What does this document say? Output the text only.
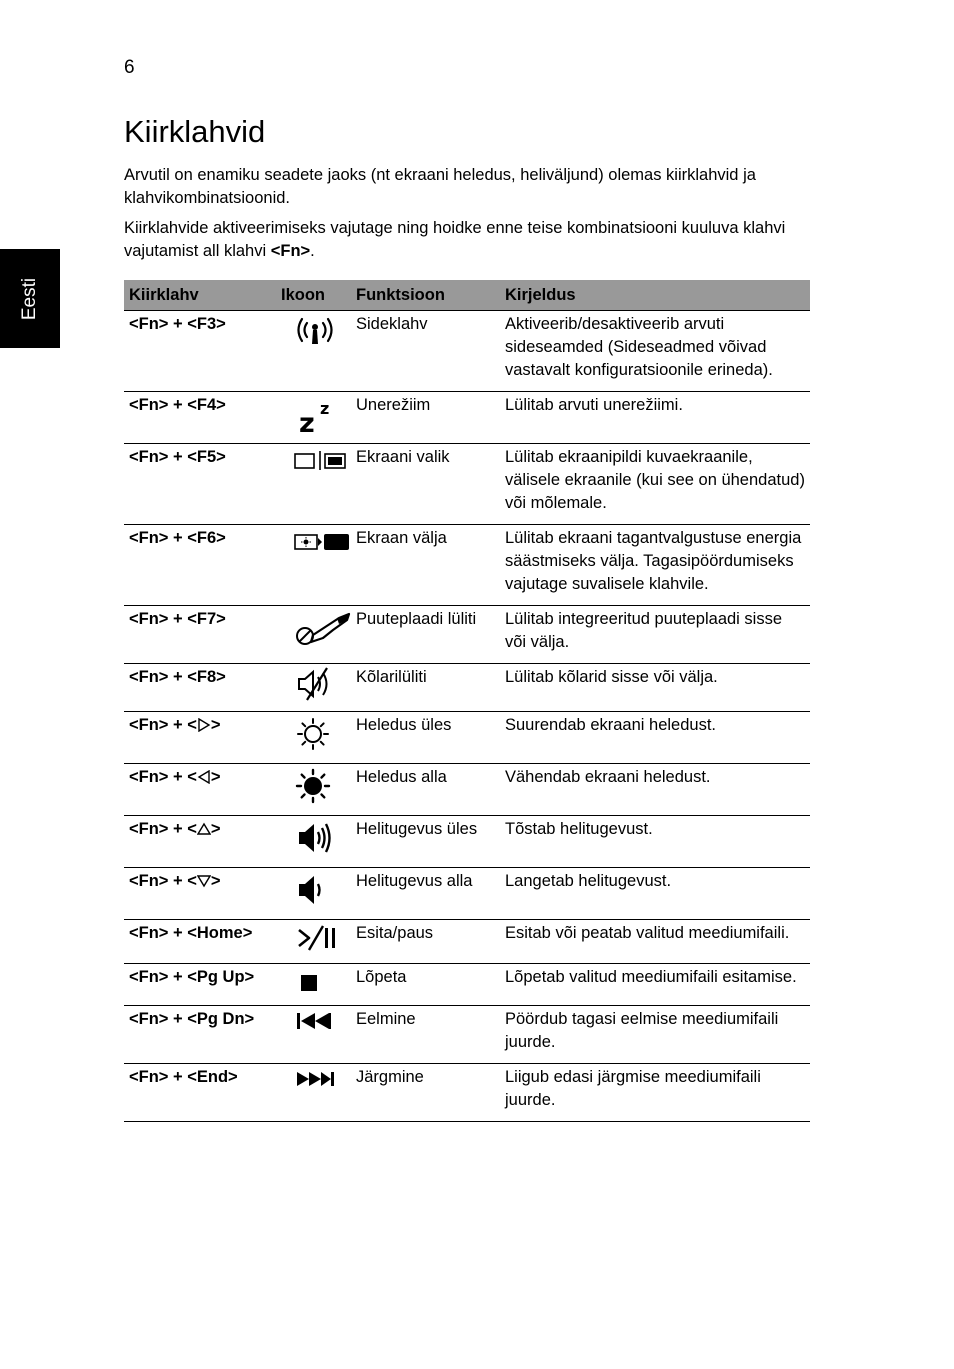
6
Eesti
Kiirklahvid

Arvutil on enamiku seadete jaoks (nt ekraani heledus, heliväljund) olemas kiirklahvid ja klahvikombinatsioonid.

Kiirklahvide aktiveerimiseks vajutage ning hoidke enne teise kombinatsiooni kuuluva klahvi vajutamist all klahvi <Fn>.

Kiirklahv	Ikoon	Funktsioon	Kirjeldus
<Fn> + <F3>		Sideklahv	Aktiveerib/desaktiveerib arvuti sideseamded (Sideseadmed võivad vastavalt konfiguratsioonile erineda).
<Fn> + <F4>	z z	Unerežiim	Lülitab arvuti unerežiimi.
<Fn> + <F5>		Ekraani valik	Lülitab ekraanipildi kuvaekraanile, välisele ekraanile (kui see on ühendatud) või mõlemale.
<Fn> + <F6>		Ekraan välja	Lülitab ekraani tagantvalgustuse energia säästmiseks välja. Tagasipöördumiseks vajutage suvalisele klahvile.
<Fn> + <F7>		Puuteplaadi lüliti	Lülitab integreeritud puuteplaadi sisse või välja.
<Fn> + <F8>		Kõlarilüliti	Lülitab kõlarid sisse või välja.
<Fn> + < >		Heledus üles	Suurendab ekraani heledust.
<Fn> + < >		Heledus alla	Vähendab ekraani heledust.
<Fn> + < >		Helitugevus üles	Tõstab helitugevust.
<Fn> + < >		Helitugevus alla	Langetab helitugevust.
<Fn> + <Home>		Esita/paus	Esitab või peatab valitud meediumifaili.
<Fn> + <Pg Up>		Lõpeta	Lõpetab valitud meediumifaili esitamise.
<Fn> + <Pg Dn>		Eelmine	Pöördub tagasi eelmise meediumifaili juurde.
<Fn> + <End>		Järgmine	Liigub edasi järgmise meediumifaili juurde.
